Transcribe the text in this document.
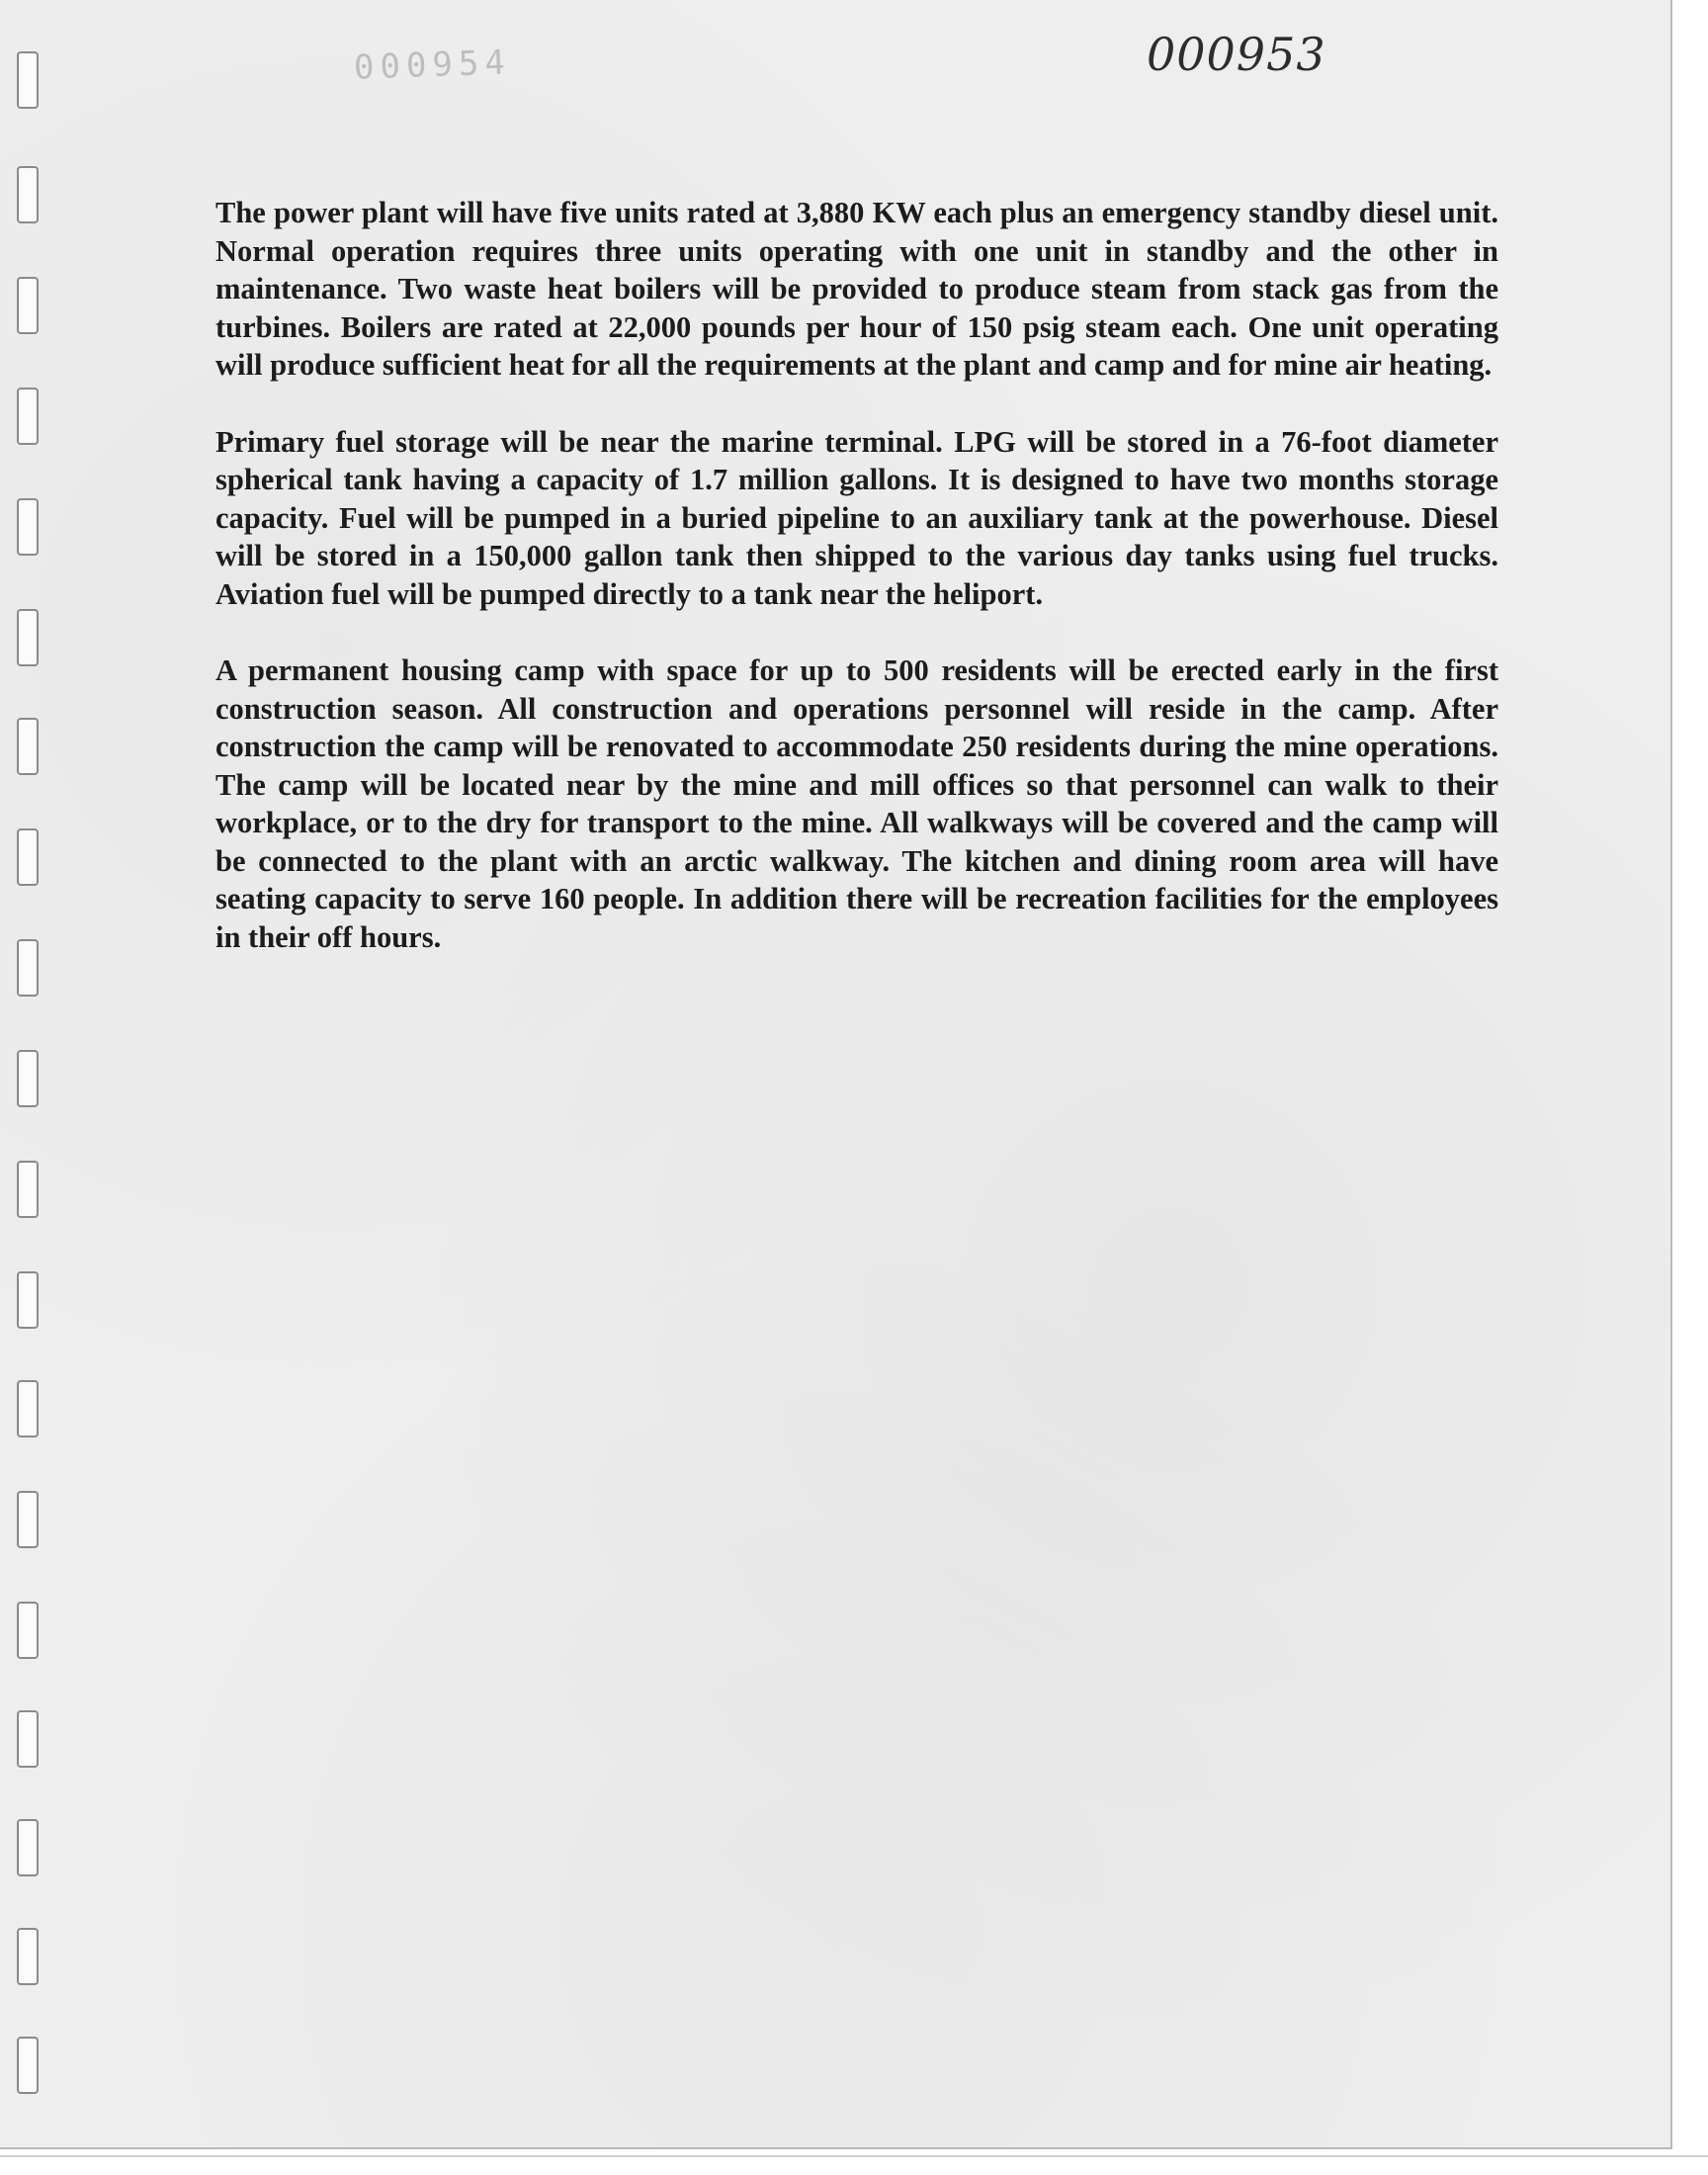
000954	000953

The power plant will have five units rated at 3,880 KW each plus an emergency standby diesel unit. Normal operation requires three units operating with one unit in standby and the other in maintenance. Two waste heat boilers will be provided to produce steam from stack gas from the turbines. Boilers are rated at 22,000 pounds per hour of 150 psig steam each. One unit operating will produce sufficient heat for all the requirements at the plant and camp and for mine air heating.

Primary fuel storage will be near the marine terminal. LPG will be stored in a 76-foot diameter spherical tank having a capacity of 1.7 million gallons. It is designed to have two months storage capacity. Fuel will be pumped in a buried pipeline to an auxiliary tank at the powerhouse. Diesel will be stored in a 150,000 gallon tank then shipped to the various day tanks using fuel trucks. Aviation fuel will be pumped directly to a tank near the heliport.

A permanent housing camp with space for up to 500 residents will be erected early in the first construction season. All construction and operations personnel will reside in the camp. After construction the camp will be renovated to accommodate 250 residents during the mine operations. The camp will be located near by the mine and mill offices so that personnel can walk to their workplace, or to the dry for transport to the mine. All walkways will be covered and the camp will be connected to the plant with an arctic walkway. The kitchen and dining room area will have seating capacity to serve 160 people. In addition there will be recreation facilities for the employees in their off hours.
